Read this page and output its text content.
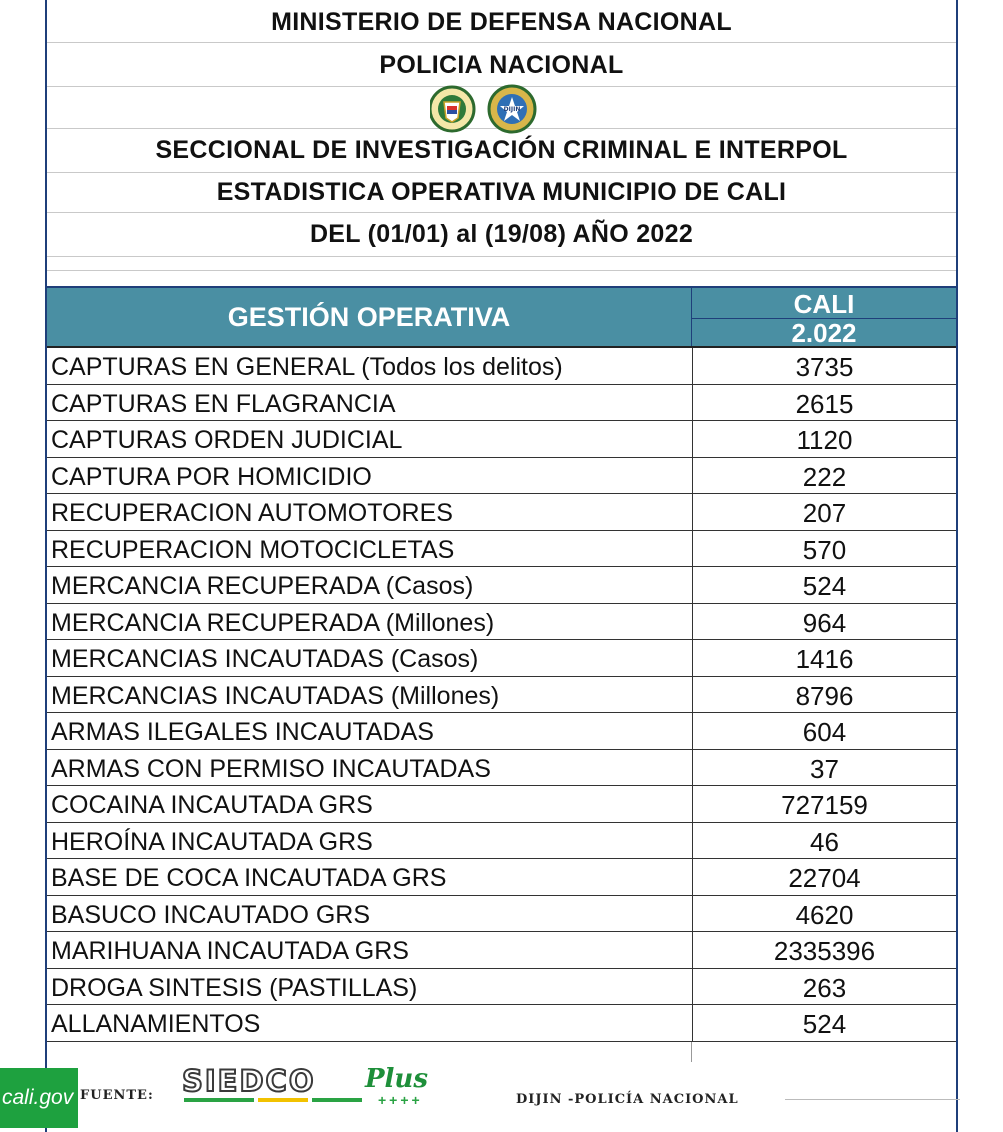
MINISTERIO DE DEFENSA NACIONAL
POLICIA NACIONAL
DIJIN
SECCIONAL DE INVESTIGACIÓN CRIMINAL E INTERPOL
ESTADISTICA OPERATIVA MUNICIPIO DE CALI
DEL (01/01) al (19/08) AÑO 2022
GESTIÓN OPERATIVA	CALI
2.022
CAPTURAS EN GENERAL (Todos los delitos)	3735
CAPTURAS EN FLAGRANCIA	2615
CAPTURAS ORDEN JUDICIAL	1120
CAPTURA POR HOMICIDIO	222
RECUPERACION AUTOMOTORES	207
RECUPERACION MOTOCICLETAS	570
MERCANCIA RECUPERADA (Casos)	524
MERCANCIA RECUPERADA (Millones)	964
MERCANCIAS INCAUTADAS (Casos)	1416
MERCANCIAS INCAUTADAS (Millones)	8796
ARMAS ILEGALES INCAUTADAS	604
ARMAS CON PERMISO INCAUTADAS	37
COCAINA INCAUTADA GRS	727159
HEROÍNA INCAUTADA GRS	46
BASE DE COCA INCAUTADA GRS	22704
BASUCO INCAUTADO GRS	4620
MARIHUANA INCAUTADA GRS	2335396
DROGA SINTESIS (PASTILLAS)	263
ALLANAMIENTOS	524
cali.gov FUENTE: SIEDCO Plus
++++	DIJIN -POLICÍA NACIONAL
